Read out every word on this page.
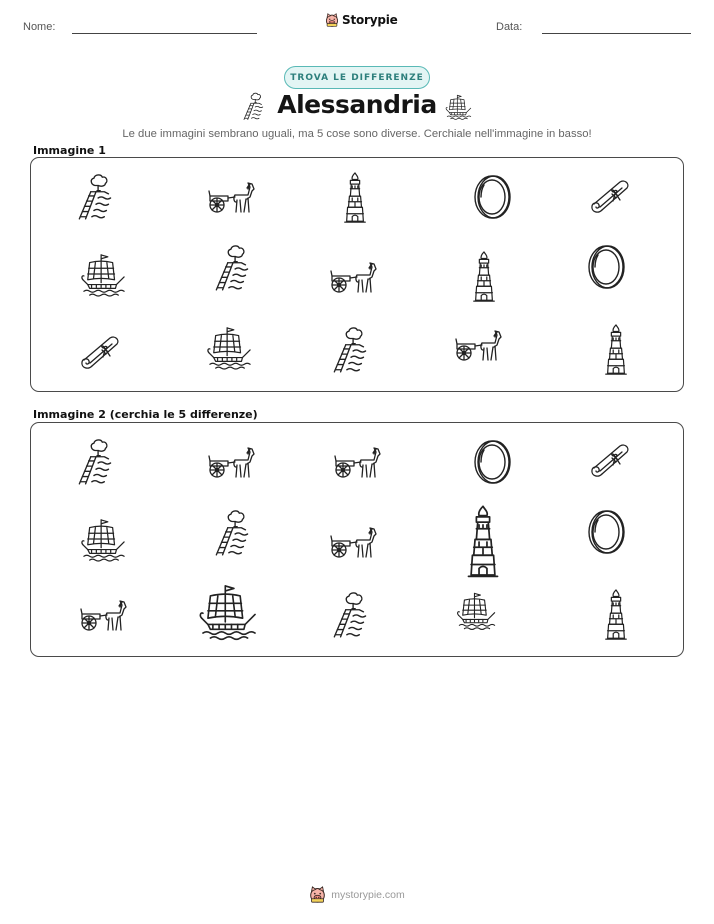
Nome:	Storypie	Data:
TROVA LE DIFFERENZE
Alessandria
Le due immagini sembrano uguali, ma 5 cose sono diverse. Cerchiale nell'immagine in basso!
Immagine 1
Immagine 2 (cerchia le 5 differenze)
mystorypie.com
